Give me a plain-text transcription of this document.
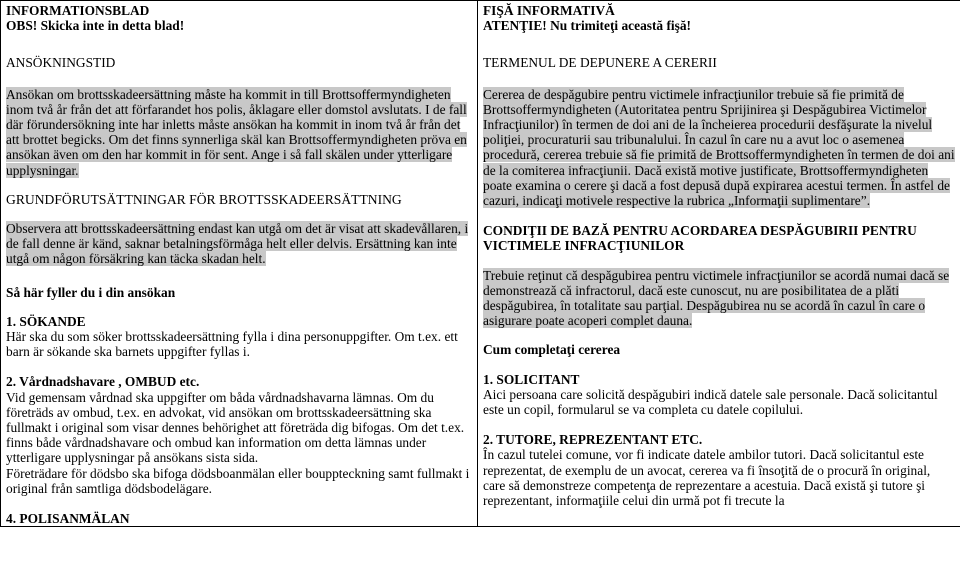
INFORMATIONSBLAD
OBS! Skicka inte in detta blad!
ANSÖKNINGSTID
Ansökan om brottsskadeersättning måste ha kommit in till Brottsoffermyndigheten inom två år från det att förfarandet hos polis, åklagare eller domstol avslutats. I de fall där förundersökning inte har inletts måste ansökan ha kommit in inom två år från det att brottet begicks. Om det finns synnerliga skäl kan Brottsoffermyndigheten pröva en ansökan även om den har kommit in för sent. Ange i så fall skälen under ytterligare upplysningar.
GRUNDFÖRUTSÄTTNINGAR FÖR BROTTSSKADEERSÄTTNING
Observera att brottsskadeersättning endast kan utgå om det är visat att skadevållaren, i de fall denne är känd, saknar betalningsförmåga helt eller delvis. Ersättning kan inte utgå om någon försäkring kan täcka skadan helt.
Så här fyller du i din ansökan
1. SÖKANDE
Här ska du som söker brottsskadeersättning fylla i dina personuppgifter. Om t.ex. ett barn är sökande ska barnets uppgifter fyllas i.
2. Vårdnadshavare , OMBUD etc.
Vid gemensam vårdnad ska uppgifter om båda vårdnadshavarna lämnas. Om du företräds av ombud, t.ex. en advokat, vid ansökan om brottsskadeersättning ska fullmakt i original som visar dennes behörighet att företräda dig bifogas. Om det t.ex. finns både vårdnadshavare och ombud kan information om detta lämnas under ytterligare upplysningar på ansökans sista sida.
Företrädare för dödsbo ska bifoga dödsboanmälan eller bouppteckning samt fullmakt i original från samtliga dödsbodelägare.
4. POLISANMÄLAN

FIŞĂ INFORMATIVĂ
ATENŢIE! Nu trimiteţi această fişă!
TERMENUL DE DEPUNERE A CERERII
Cererea de despăgubire pentru victimele infracţiunilor trebuie să fie primită de Brottsoffermyndigheten (Autoritatea pentru Sprijinirea şi Despăgubirea Victimelor Infracţiunilor) în termen de doi ani de la încheierea procedurii desfăşurate la nivelul poliţiei, procuraturii sau tribunalului. În cazul în care nu a avut loc o asemenea procedură, cererea trebuie să fie primită de Brottsoffermyndigheten în termen de doi ani de la comiterea infracţiunii. Dacă există motive justificate, Brottsoffermyndigheten poate examina o cerere şi dacă a fost depusă după expirarea acestui termen. În astfel de cazuri, indicaţi motivele respective la rubrica „Informaţii suplimentare”.
CONDIŢII DE BAZĂ PENTRU ACORDAREA DESPĂGUBIRII PENTRU VICTIMELE INFRACŢIUNILOR
Trebuie reţinut că despăgubirea pentru victimele infracţiunilor se acordă numai dacă se demonstrează că infractorul, dacă este cunoscut, nu are posibilitatea de a plăti despăgubirea, în totalitate sau parţial. Despăgubirea nu se acordă în cazul în care o asigurare poate acoperi complet dauna.
Cum completaţi cererea
1. SOLICITANT
Aici persoana care solicită despăgubiri indică datele sale personale. Dacă solicitantul este un copil, formularul se va completa cu datele copilului.
2. TUTORE, REPREZENTANT ETC.
În cazul tutelei comune, vor fi indicate datele ambilor tutori. Dacă solicitantul este reprezentat, de exemplu de un avocat, cererea va fi însoţită de o procură în original, care să demonstreze competenţa de reprezentare a acestuia. Dacă există şi tutore şi reprezentant, informaţiile celui din urmă pot fi trecute la
